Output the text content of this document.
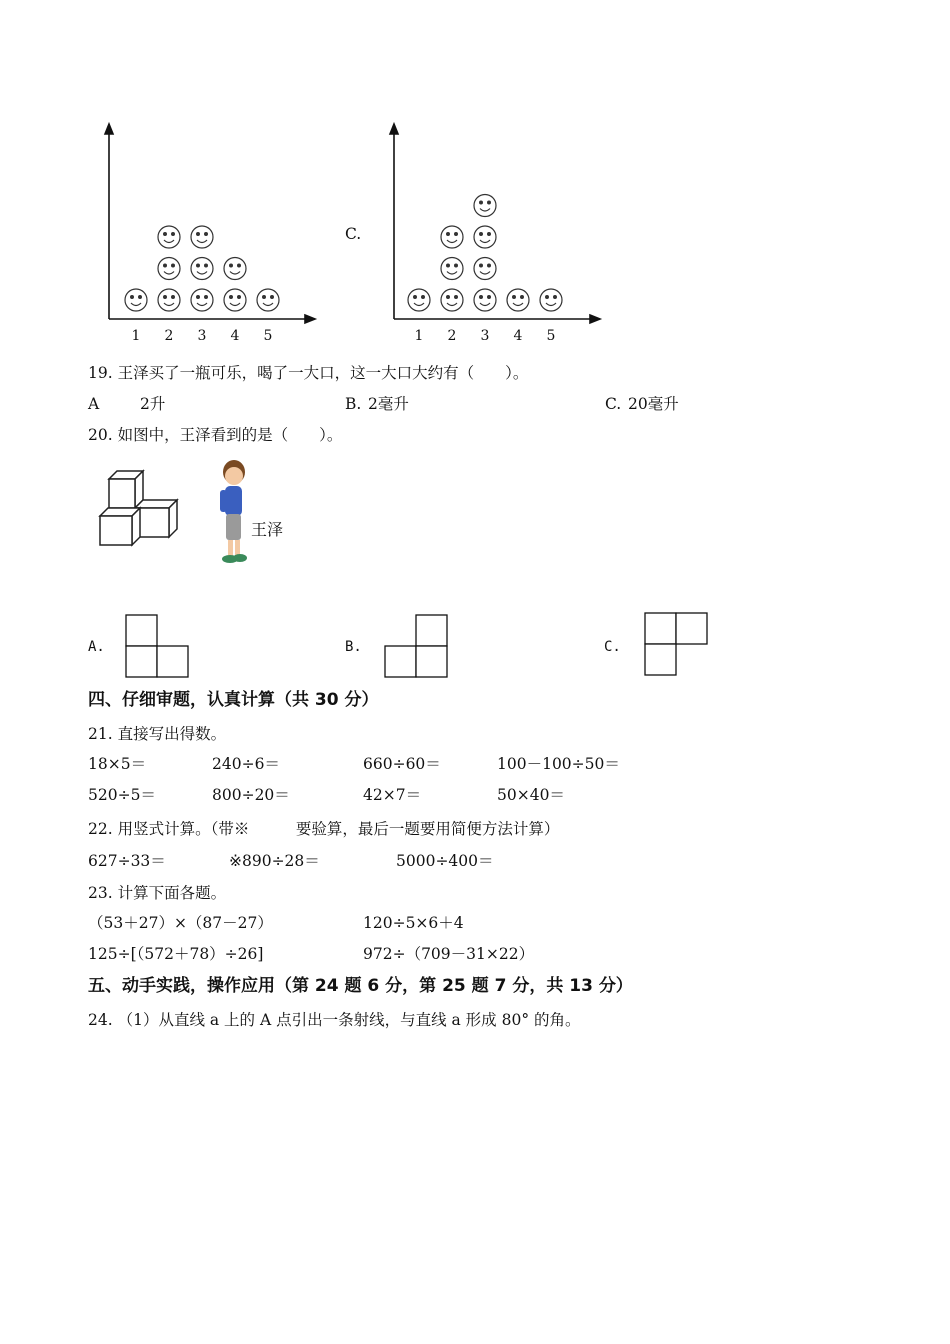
1 2 3 4 5
C.
1 2 3 4 5
19. 王泽买了一瓶可乐，喝了一大口，这一大口大约有（　　）。
A	2升	B. 2毫升	C. 20毫升
20. 如图中，王泽看到的是（　　）。
王泽
A.	B.	C.
四、仔细审题，认真计算（共 30 分）
21. 直接写出得数。
18×5＝	240÷6＝	660÷60＝	100－100÷50＝
520÷5＝	800÷20＝	42×7＝	50×40＝
22. 用竖式计算。（带※　　　要验算，最后一题要用简便方法计算）
627÷33＝	※890÷28＝	5000÷400＝
23. 计算下面各题。
（53＋27）×（87－27）	120÷5×6＋4
125÷[（572＋78）÷26]	972÷（709－31×22）
五、动手实践，操作应用（第 24 题 6 分，第 25 题 7 分，共 13 分）
24. （1）从直线 a 上的 A 点引出一条射线，与直线 a 形成 80° 的角。
